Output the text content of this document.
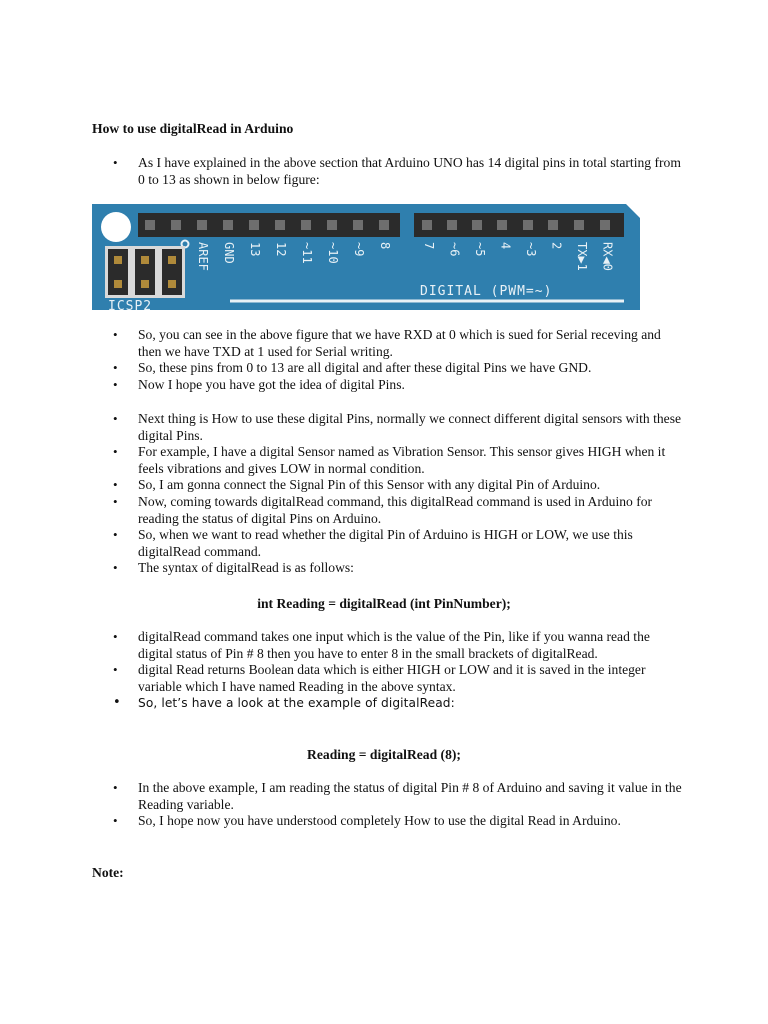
How to use digitalRead in Arduino
• As I have explained in the above section that Arduino UNO has 14 digital pins in total starting from 0 to 13 as shown in below figure:
ICSP2
AREF GND 13 12 ~11 ~10 ~9 8	7 ~6 ~5 4 ~3 2 TX▶1 RX◀0
DIGITAL (PWM=~)
• So, you can see in the above figure that we have RXD at 0 which is sued for Serial receving and then we have TXD at 1 used for Serial writing.
• So, these pins from 0 to 13 are all digital and after these digital Pins we have GND.
• Now I hope you have got the idea of digital Pins.
• Next thing is How to use these digital Pins, normally we connect different digital sensors with these digital Pins.
• For example, I have a digital Sensor named as Vibration Sensor. This sensor gives HIGH when it feels vibrations and gives LOW in normal condition.
• So, I am gonna connect the Signal Pin of this Sensor with any digital Pin of Arduino.
• Now, coming towards digitalRead command, this digitalRead command is used in Arduino for reading the status of digital Pins on Arduino.
• So, when we want to read whether the digital Pin of Arduino is HIGH or LOW, we use this digitalRead command.
• The syntax of digitalRead is as follows:
int Reading = digitalRead (int PinNumber);
• digitalRead command takes one input which is the value of the Pin, like if you wanna read the digital status of Pin # 8 then you have to enter 8 in the small brackets of digitalRead.
• digital Read returns Boolean data which is either HIGH or LOW and it is saved in the integer variable which I have named Reading in the above syntax.
• So, let’s have a look at the example of digitalRead:
Reading = digitalRead (8);
• In the above example, I am reading the status of digital Pin # 8 of Arduino and saving it value in the Reading variable.
• So, I hope now you have understood completely How to use the digital Read in Arduino.
Note:
